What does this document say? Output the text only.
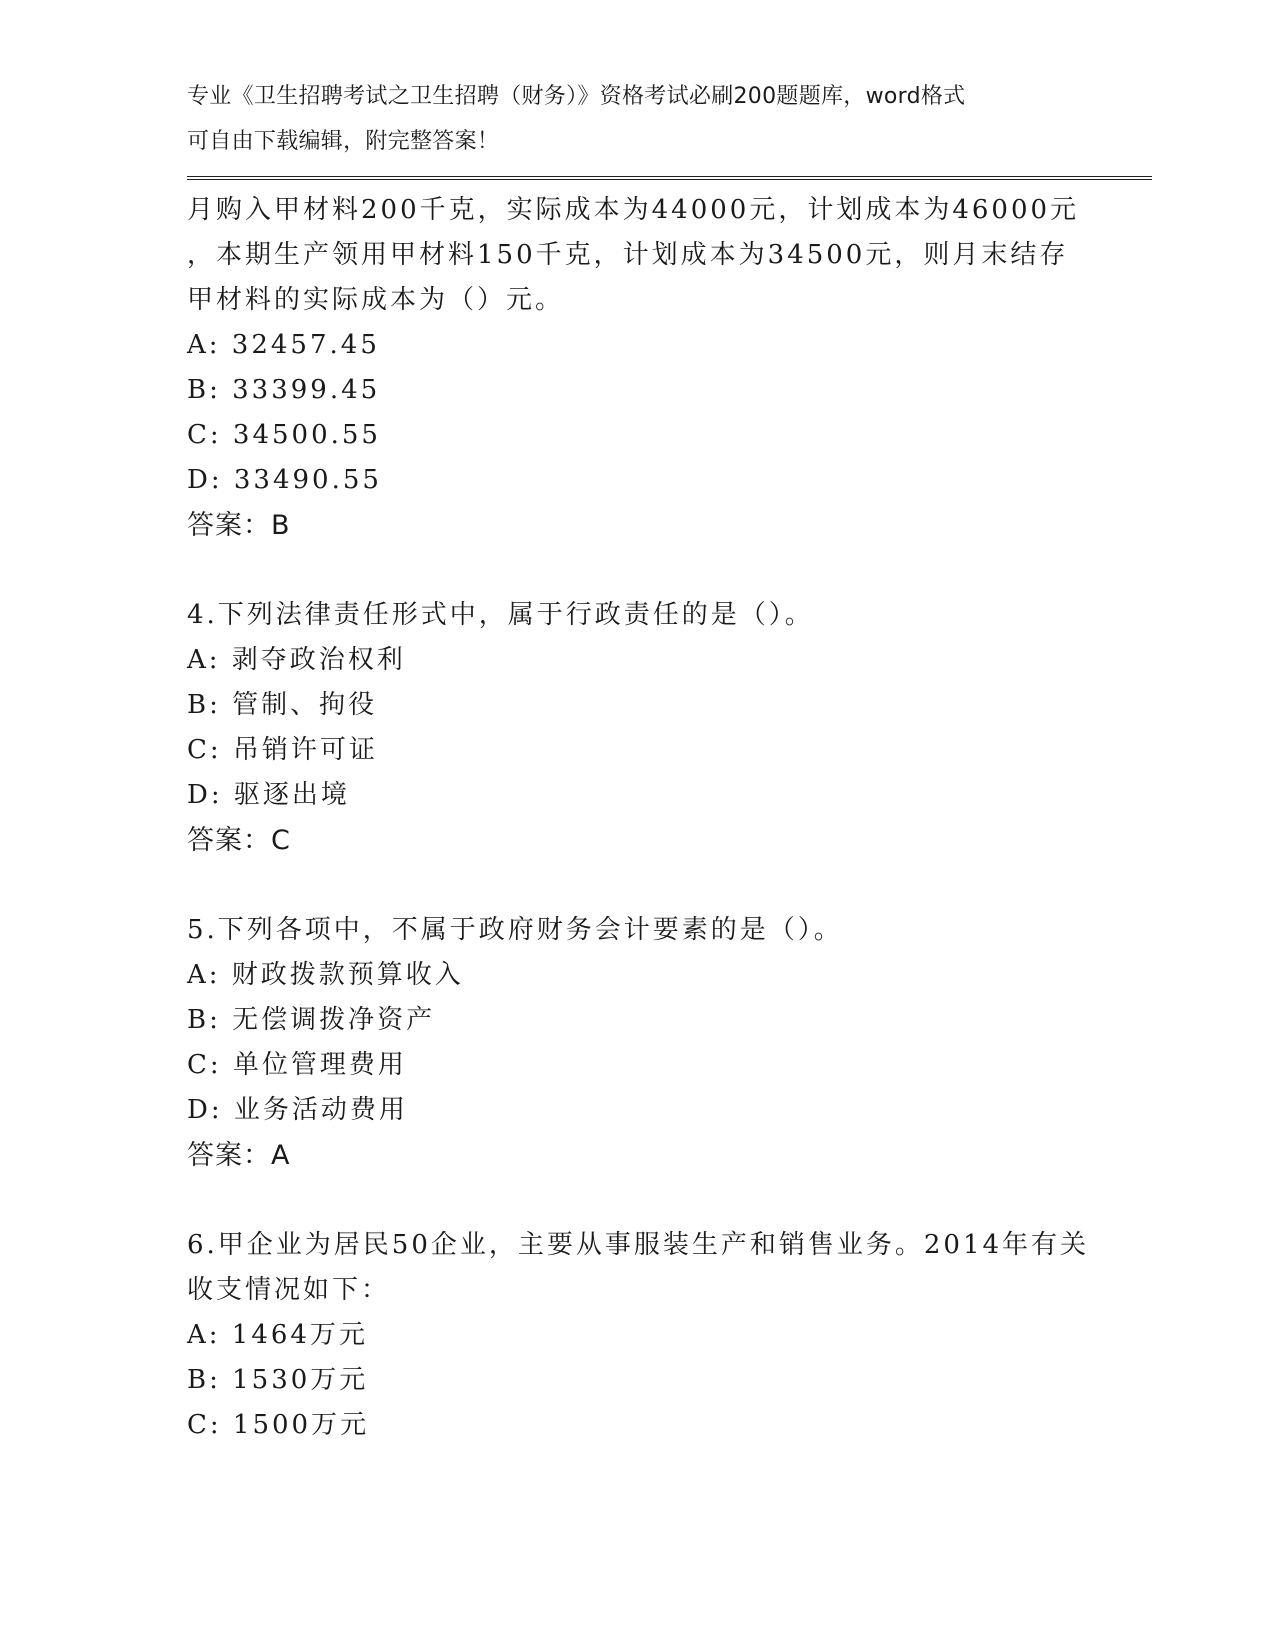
专业《卫生招聘考试之卫生招聘（财务）》资格考试必刷200题题库，word格式
可自由下载编辑，附完整答案！
月购入甲材料200千克，实际成本为44000元，计划成本为46000元
，本期生产领用甲材料150千克，计划成本为34500元，则月末结存
甲材料的实际成本为（）元。
A: 32457.45
B: 33399.45
C: 34500.55
D: 33490.55
答案：B
4.下列法律责任形式中，属于行政责任的是（）。
A: 剥夺政治权利
B: 管制、拘役
C: 吊销许可证
D: 驱逐出境
答案：C
5.下列各项中，不属于政府财务会计要素的是（）。
A: 财政拨款预算收入
B: 无偿调拨净资产
C: 单位管理费用
D: 业务活动费用
答案：A
6.甲企业为居民50企业，主要从事服装生产和销售业务。2014年有关
收支情况如下：
A: 1464万元
B: 1530万元
C: 1500万元
